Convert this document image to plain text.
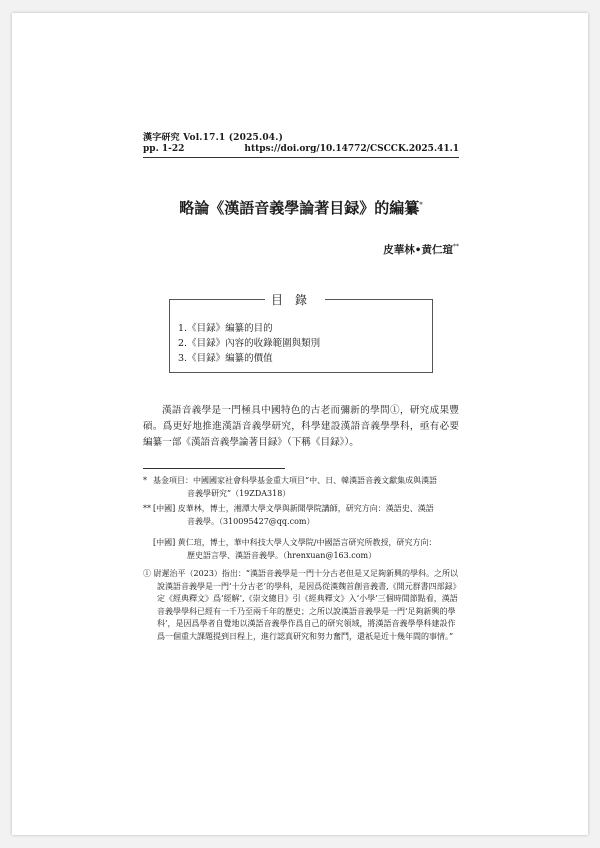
漢字研究 Vol.17.1 (2025.04.)
pp. 1-22	https://doi.org/10.14772/CSCCK.2025.41.1
略論《漢語音義學論著目録》的編纂*
皮華林•黄仁瑄**
目錄
1.《目録》編纂的目的
2.《目録》內容的收錄範圍與類別
3.《目録》編纂的價值
漢語音義學是一門極具中國特色的古老而彌新的學問①，研究成果豐碩。爲更好地推進漢語音義學研究，科學建設漢語音義學學科，亟有必要編纂一部《漢語音義學論著目録》（下稱《目録》）。
* 基金項目：中國國家社會科學基金重大項目“中、日、韓漢語音義文獻集成與漢語
音義學研究”（19ZDA318）
** [中國] 皮華林，博士，湘潭大學文學與新聞學院講師，研究方向：漢語史、漢語
音義學。（310095427@qq.com）
[中國] 黄仁瑄，博士，華中科技大學人文學院/中國語言研究所教授，研究方向：
歷史語言學、漢語音義學。（hrenxuan@163.com）
① 尉遲治平（2023）指出：“漢語音義學是一門十分古老但是又足夠新興的學科。之所以說漢語音義學是一門‘十分古老’的學科，是因爲從漢魏首創音義書,《開元群書四部録》定《經典釋文》爲‘經解’,《崇文總目》引《經典釋文》入‘小學’三個時間節點看，漢語音義學學科已經有一千乃至兩千年的歷史；之所以說漢語音義學是一門‘足夠新興的學科’，是因爲學者自覺地以漢語音義學作爲自己的研究領域，將漢語音義學學科建設作爲一個重大課題提到日程上，進行認真研究和努力奮鬥，還祇是近十幾年間的事情。”
